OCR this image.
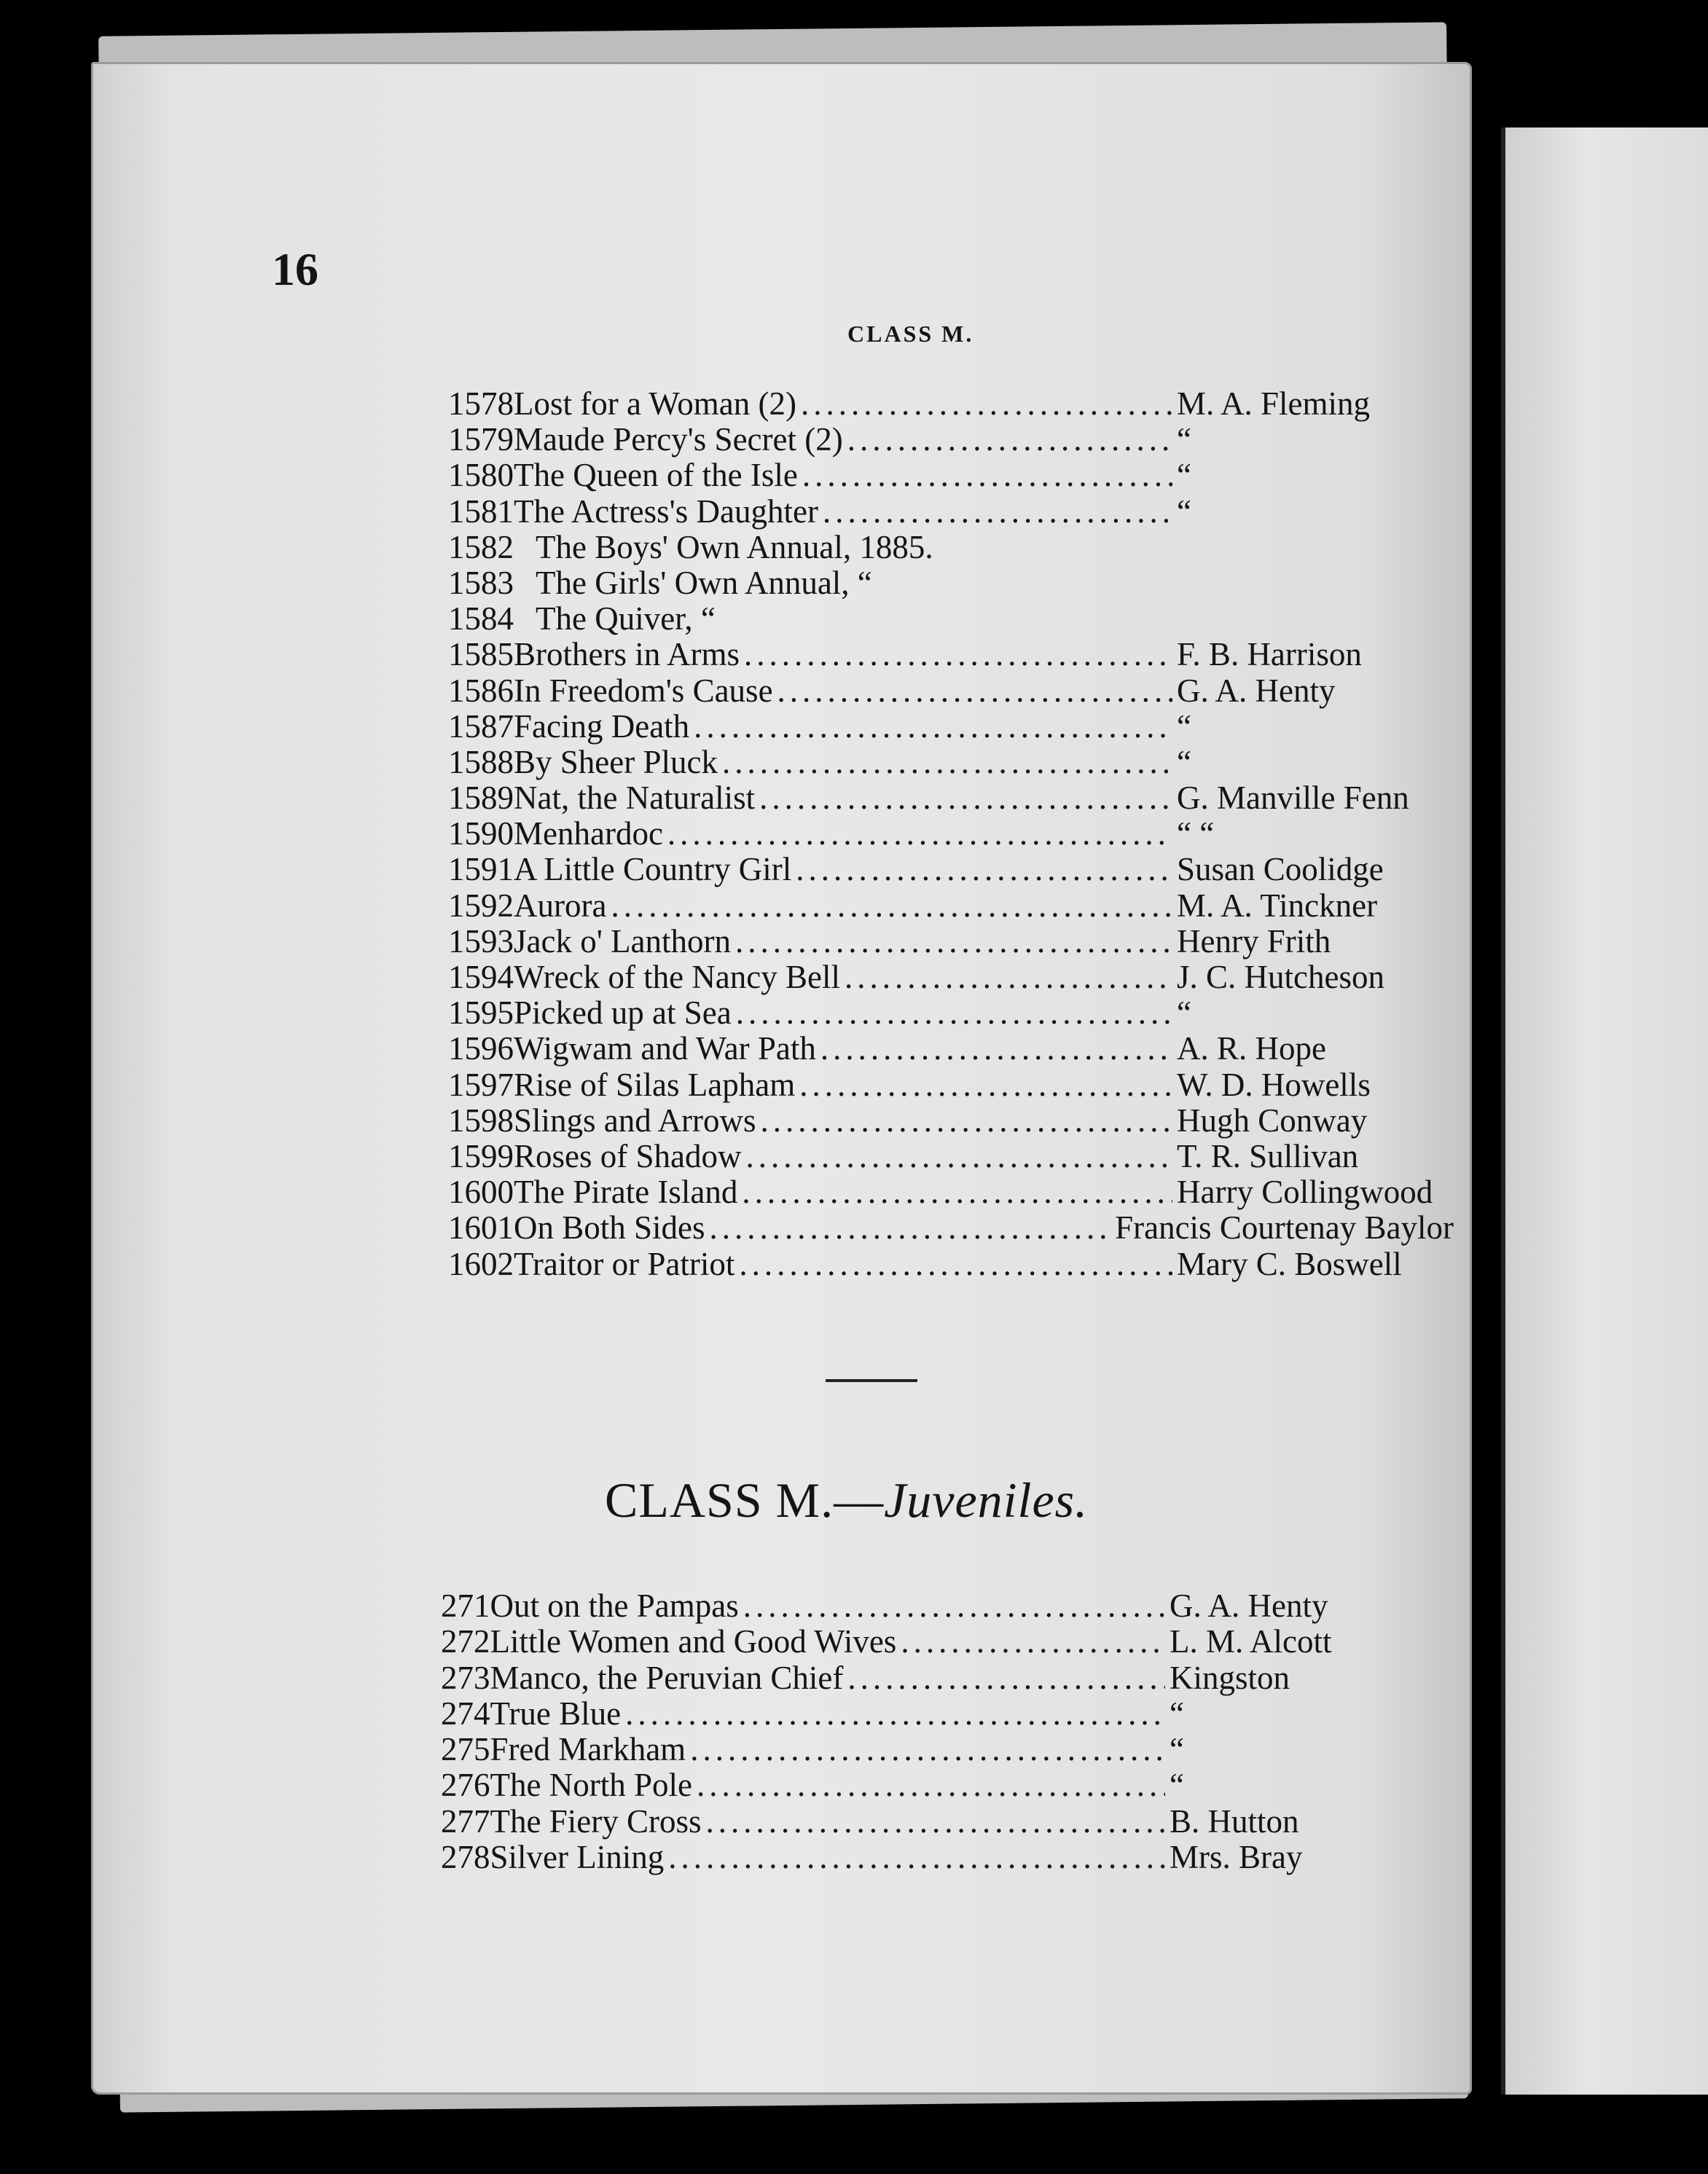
16

CLASS M.

1578 Lost for a Woman (2) .....	M. A. Fleming
1579 Maude Percy's Secret (2) .....	“
1580 The Queen of the Isle .....	“
1581 The Actress's Daughter .....	“
1582 The Boys' Own Annual, 1885.
1583 The Girls' Own Annual, “
1584 The Quiver, “
1585 Brothers in Arms .....	F. B. Harrison
1586 In Freedom's Cause .....	G. A. Henty
1587 Facing Death .....	“
1588 By Sheer Pluck .....	“
1589 Nat, the Naturalist .....	G. Manville Fenn
1590 Menhardoc .....	“ “
1591 A Little Country Girl .....	Susan Coolidge
1592 Aurora .....	M. A. Tinckner
1593 Jack o' Lanthorn .....	Henry Frith
1594 Wreck of the Nancy Bell .....	J. C. Hutcheson
1595 Picked up at Sea .....	“
1596 Wigwam and War Path .....	A. R. Hope
1597 Rise of Silas Lapham .....	W. D. Howells
1598 Slings and Arrows .....	Hugh Conway
1599 Roses of Shadow .....	T. R. Sullivan
1600 The Pirate Island .....	Harry Collingwood
1601 On Both Sides .....	Francis Courtenay Baylor
1602 Traitor or Patriot .....	Mary C. Boswell
CLASS M.—Juveniles.
271 Out on the Pampas .....	G. A. Henty
272 Little Women and Good Wives .....	L. M. Alcott
273 Manco, the Peruvian Chief .....	Kingston
274 True Blue .....	“
275 Fred Markham .....	“
276 The North Pole .....	“
277 The Fiery Cross .....	B. Hutton
278 Silver Lining .....	Mrs. Bray
